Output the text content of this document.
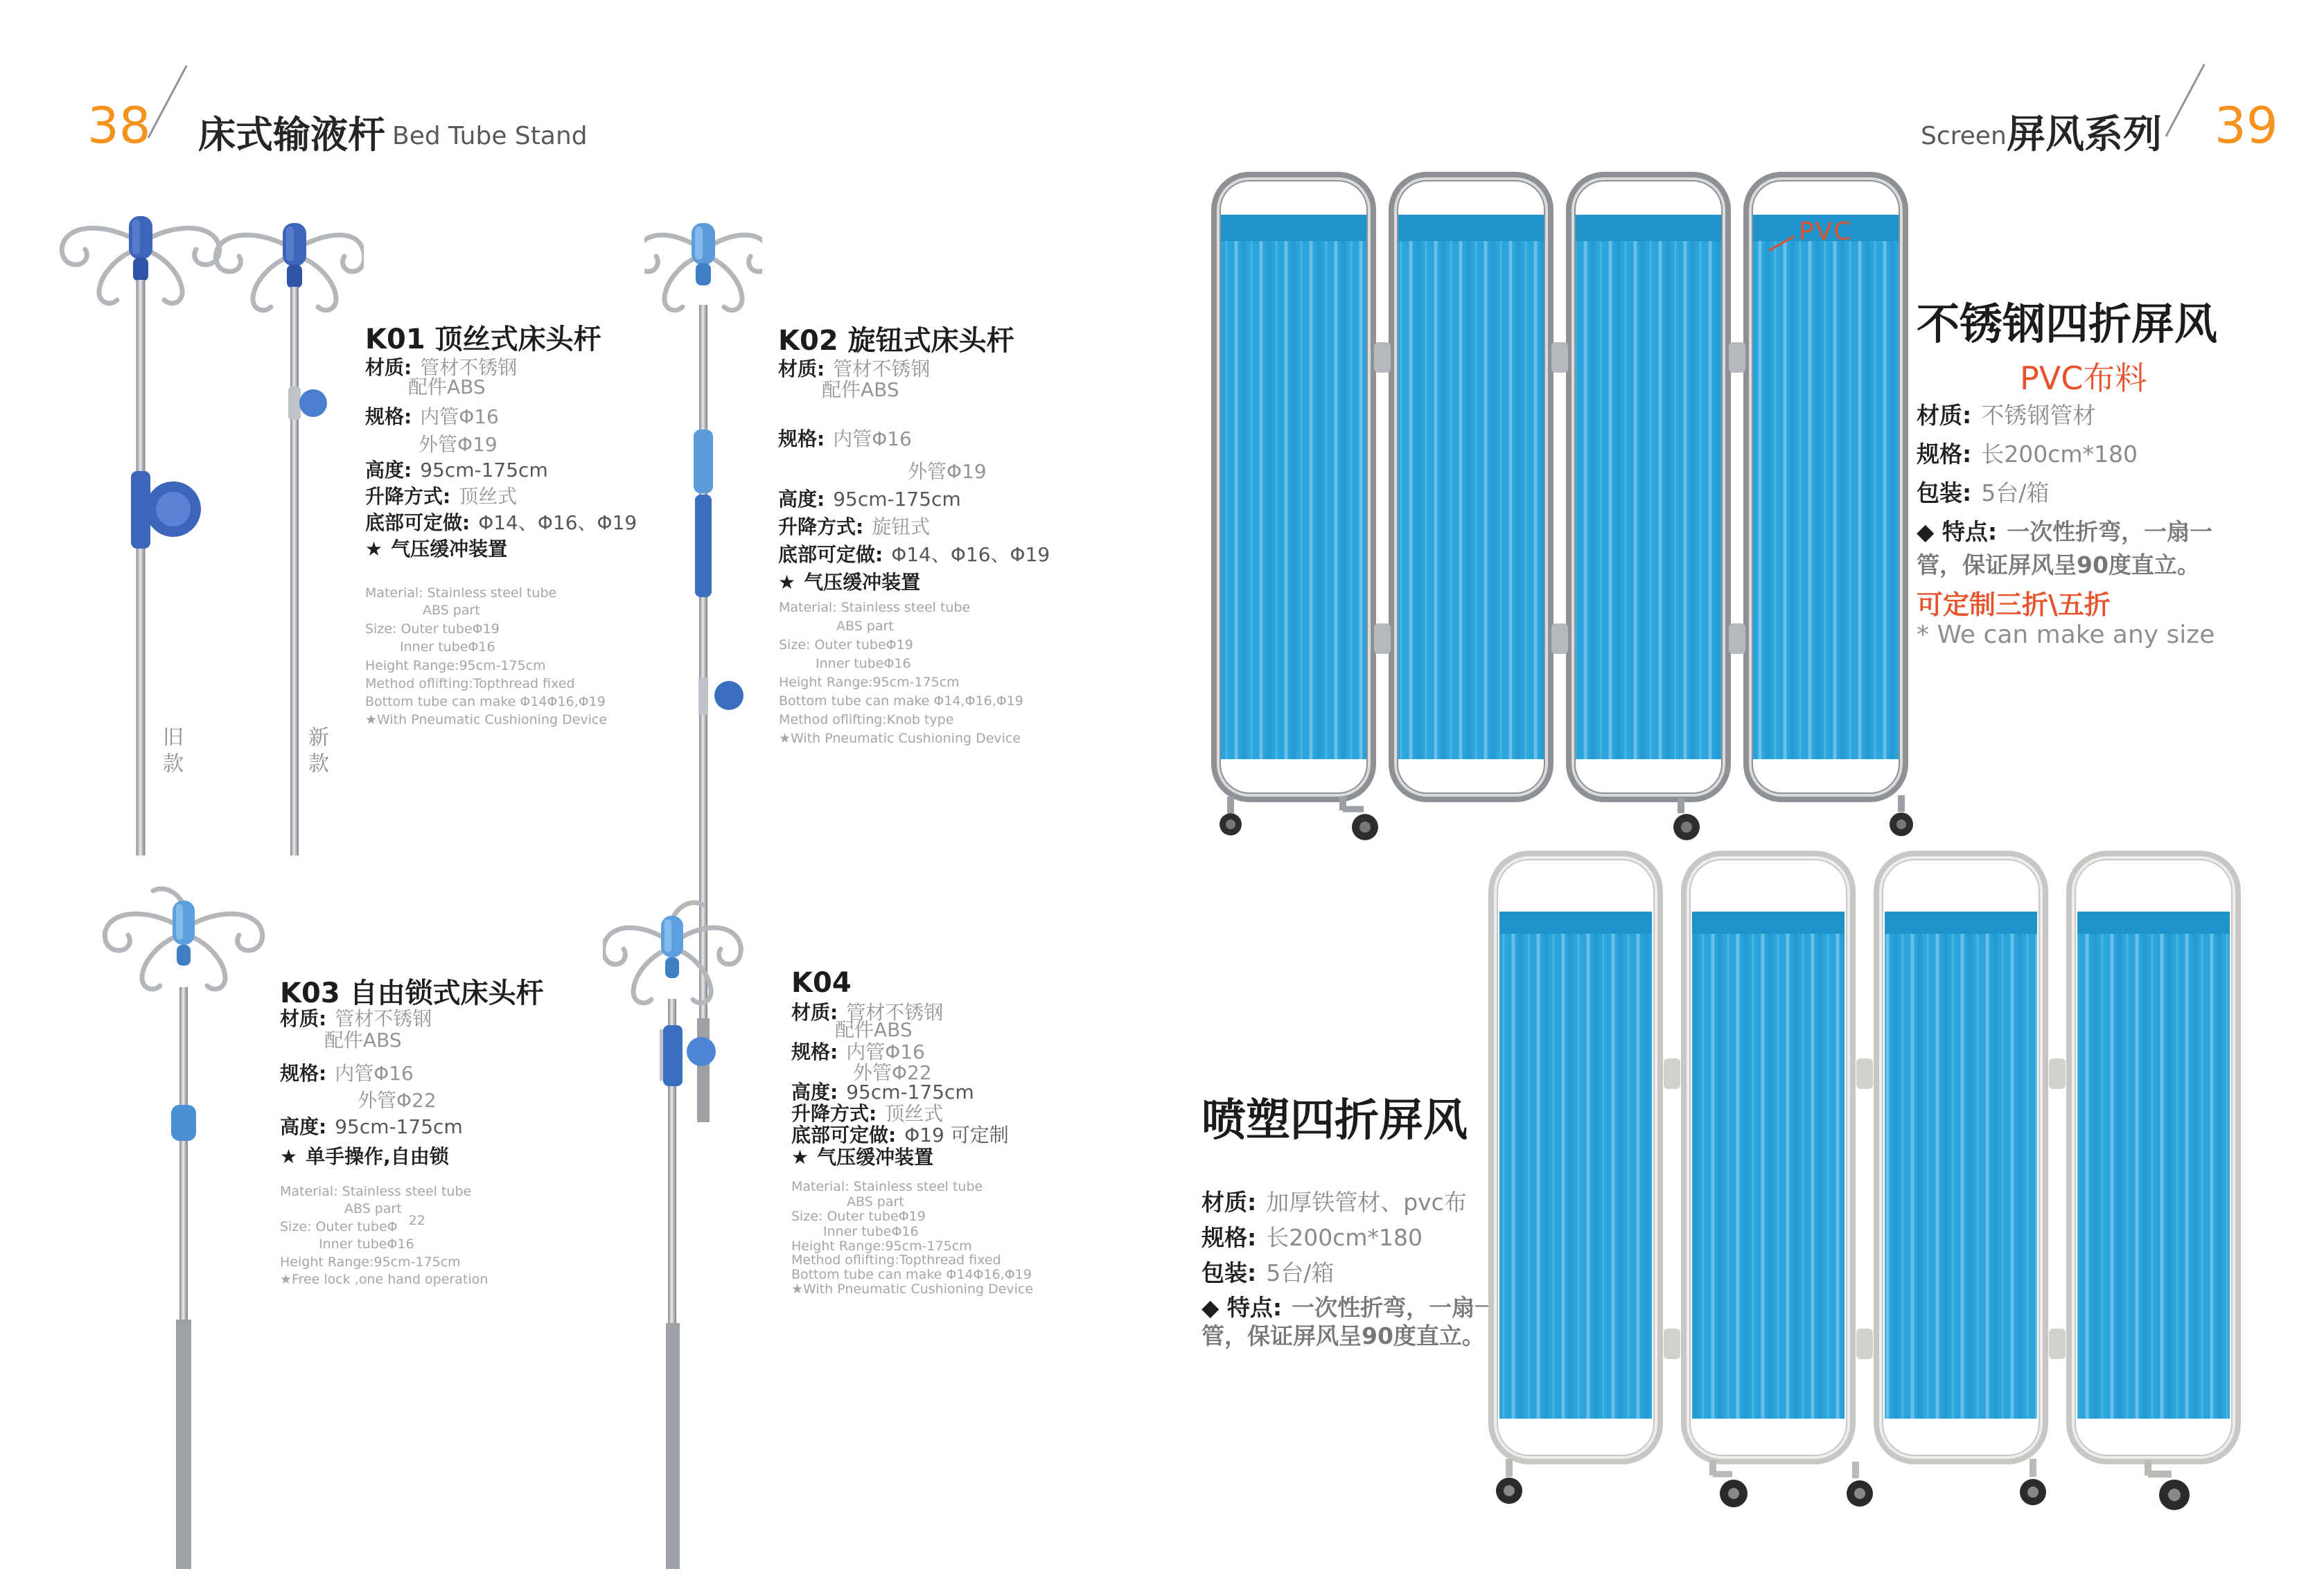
38 床式输液杆 Bed Tube Stand	Screen 屏风系列 39
旧款	新款
K01 顶丝式床头杆
材质: 管材不锈钢
配件ABS
规格: 内管Φ16
外管Φ19
高度: 95cm-175cm
升降方式: 顶丝式
底部可定做: Φ14、Φ16、Φ19
★ 气压缓冲装置
Material: Stainless steel tube
ABS part
Size: Outer tubeΦ19
Inner tubeΦ16
Height Range:95cm-175cm
Method oflifting:Topthread fixed
Bottom tube can make Φ14Φ16,Φ19
★With Pneumatic Cushioning Device
K02 旋钮式床头杆
材质: 管材不锈钢
配件ABS
规格: 内管Φ16
外管Φ19
高度: 95cm-175cm
升降方式: 旋钮式
底部可定做: Φ14、Φ16、Φ19
★ 气压缓冲装置
Material: Stainless steel tube
ABS part
Size: Outer tubeΦ19
Inner tubeΦ16
Height Range:95cm-175cm
Bottom tube can make Φ14,Φ16,Φ19
Method oflifting:Knob type
★With Pneumatic Cushioning Device
K03 自由锁式床头杆
材质: 管材不锈钢
配件ABS
规格: 内管Φ16
外管Φ22
高度: 95cm-175cm
★ 单手操作,自由锁
Material: Stainless steel tube
ABS part
Size: Outer tubeΦ 22
Inner tubeΦ16
Height Range:95cm-175cm
★Free lock ,one hand operation
K04
材质: 管材不锈钢
配件ABS
规格: 内管Φ16
外管Φ22
高度: 95cm-175cm
升降方式: 顶丝式
底部可定做: Φ19 可定制
★ 气压缓冲装置
Material: Stainless steel tube
ABS part
Size: Outer tubeΦ19
Inner tubeΦ16
Height Range:95cm-175cm
Method oflifting:Topthread fixed
Bottom tube can make Φ14Φ16,Φ19
★With Pneumatic Cushioning Device
PVC
不锈钢四折屏风
PVC布料
材质: 不锈钢管材
规格: 长200cm*180
包装: 5台/箱
◆ 特点: 一次性折弯，一扇一
管，保证屏风呈90度直立。
可定制三折\五折
* We can make any size
喷塑四折屏风
材质: 加厚铁管材、pvc布
规格: 长200cm*180
包装: 5台/箱
◆ 特点: 一次性折弯，一扇一
管，保证屏风呈90度直立。
